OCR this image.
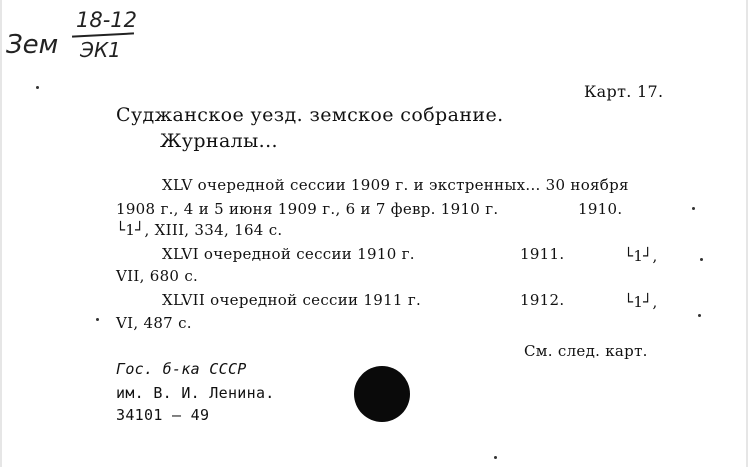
Зем
18-12
ЭК1
Карт. 17.
Суджанское уезд. земское собрание.
Журналы...
XLV очередной сессии 1909 г. и экстренных... 30 ноября
1908 г., 4 и 5 июня 1909 г., 6 и 7 февр. 1910 г.	1910.
└1┘, XIII, 334, 164 с.
XLVI очередной сессии 1910 г.	1911.	└1┘,
VII, 680 с.
XLVII очередной сессии 1911 г.	1912.	└1┘,
VI, 487 с.
См. след. карт.
Гос. б-ка СССР
им. В. И. Ленина.
34101 — 49
